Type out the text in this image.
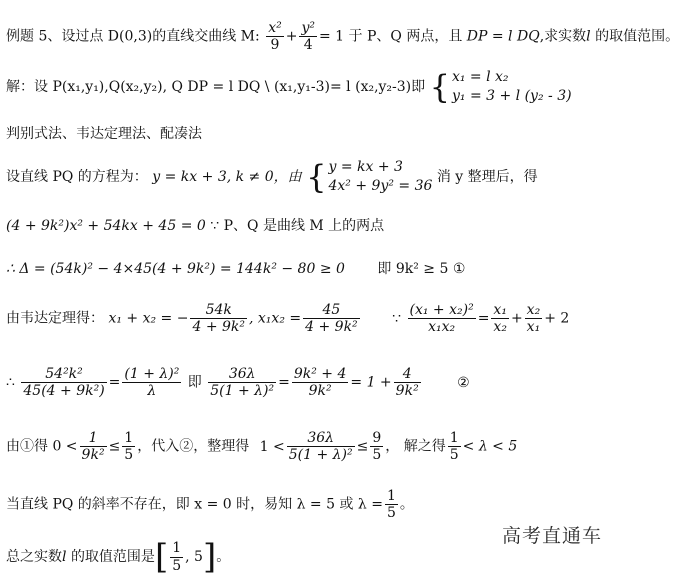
例题 5、设过点 D(0,3)的直线交曲线 M: $\frac{\text{x²}}{9} + \frac{\text{y²}}{4} = 1$ 于 P、Q 两点，且 DP = l DQ,求实数l 的取值范围。
解：设 P(x₁,y₁),Q(x₂,y₂), Q DP = l DQ \ (x₁,y₁-3)= l (x₂,y₂-3)即 { x₁ = l x₂
y₁ = 3 + l (y₂ - 3)
判别式法、韦达定理法、配凑法
设直线 PQ 的方程为： y = kx + 3, k ≠ 0，由 { y = kx + 3
4x² + 9y² = 36
消 y 整理后，得
(4 + 9k²)x² + 54kx + 45 = 0 ∵ P、Q 是曲线 M 上的两点
∴ Δ = (54k)² − 4×45(4 + 9k²) = 144k² − 80 ≥ 0 即 9k² ≥ 5 ①
由韦达定理得： x₁ + x₂ = − $\frac{54k}{\text{4 + 9k²}}$ , $x_1x_2 = \frac{45}{\text{4 + 9k²}}$ ∵ $\frac{\text{(x₁ + x₂)²}}{\text{x₁x₂}} = \frac{\text{x₁}}{\text{x₂}} + \frac{\text{x₂}}{\text{x₁}} + 2$
∴ $\frac{\text{54²k²}}{\text{45(4 + 9k²)}} = \frac{\text{(1 + λ)²}}{\lambda}$ 即 $\frac{36\lambda}{\text{5(1 + λ)²}} = \frac{\text{9k² + 4}}{\text{9k²}} = 1 + \frac{4}{\text{9k²}}$	②
由①得 $0 < \frac{1}{\text{9k²}} \le \frac{1}{5}$ ，代入②，整理得 $1 < \frac{36\lambda}{\text{5(1 + λ)²}} \le \frac{9}{5}$ ， 解之得 $\frac{1}{5} < \lambda < 5$
当直线 PQ 的斜率不存在，即 x = 0 时，易知 λ = 5 或 $\lambda = \frac{1}{5}$ 。
总之实数l 的取值范围是[ $\frac{1}{5}$ , 5]。
高考直通车
